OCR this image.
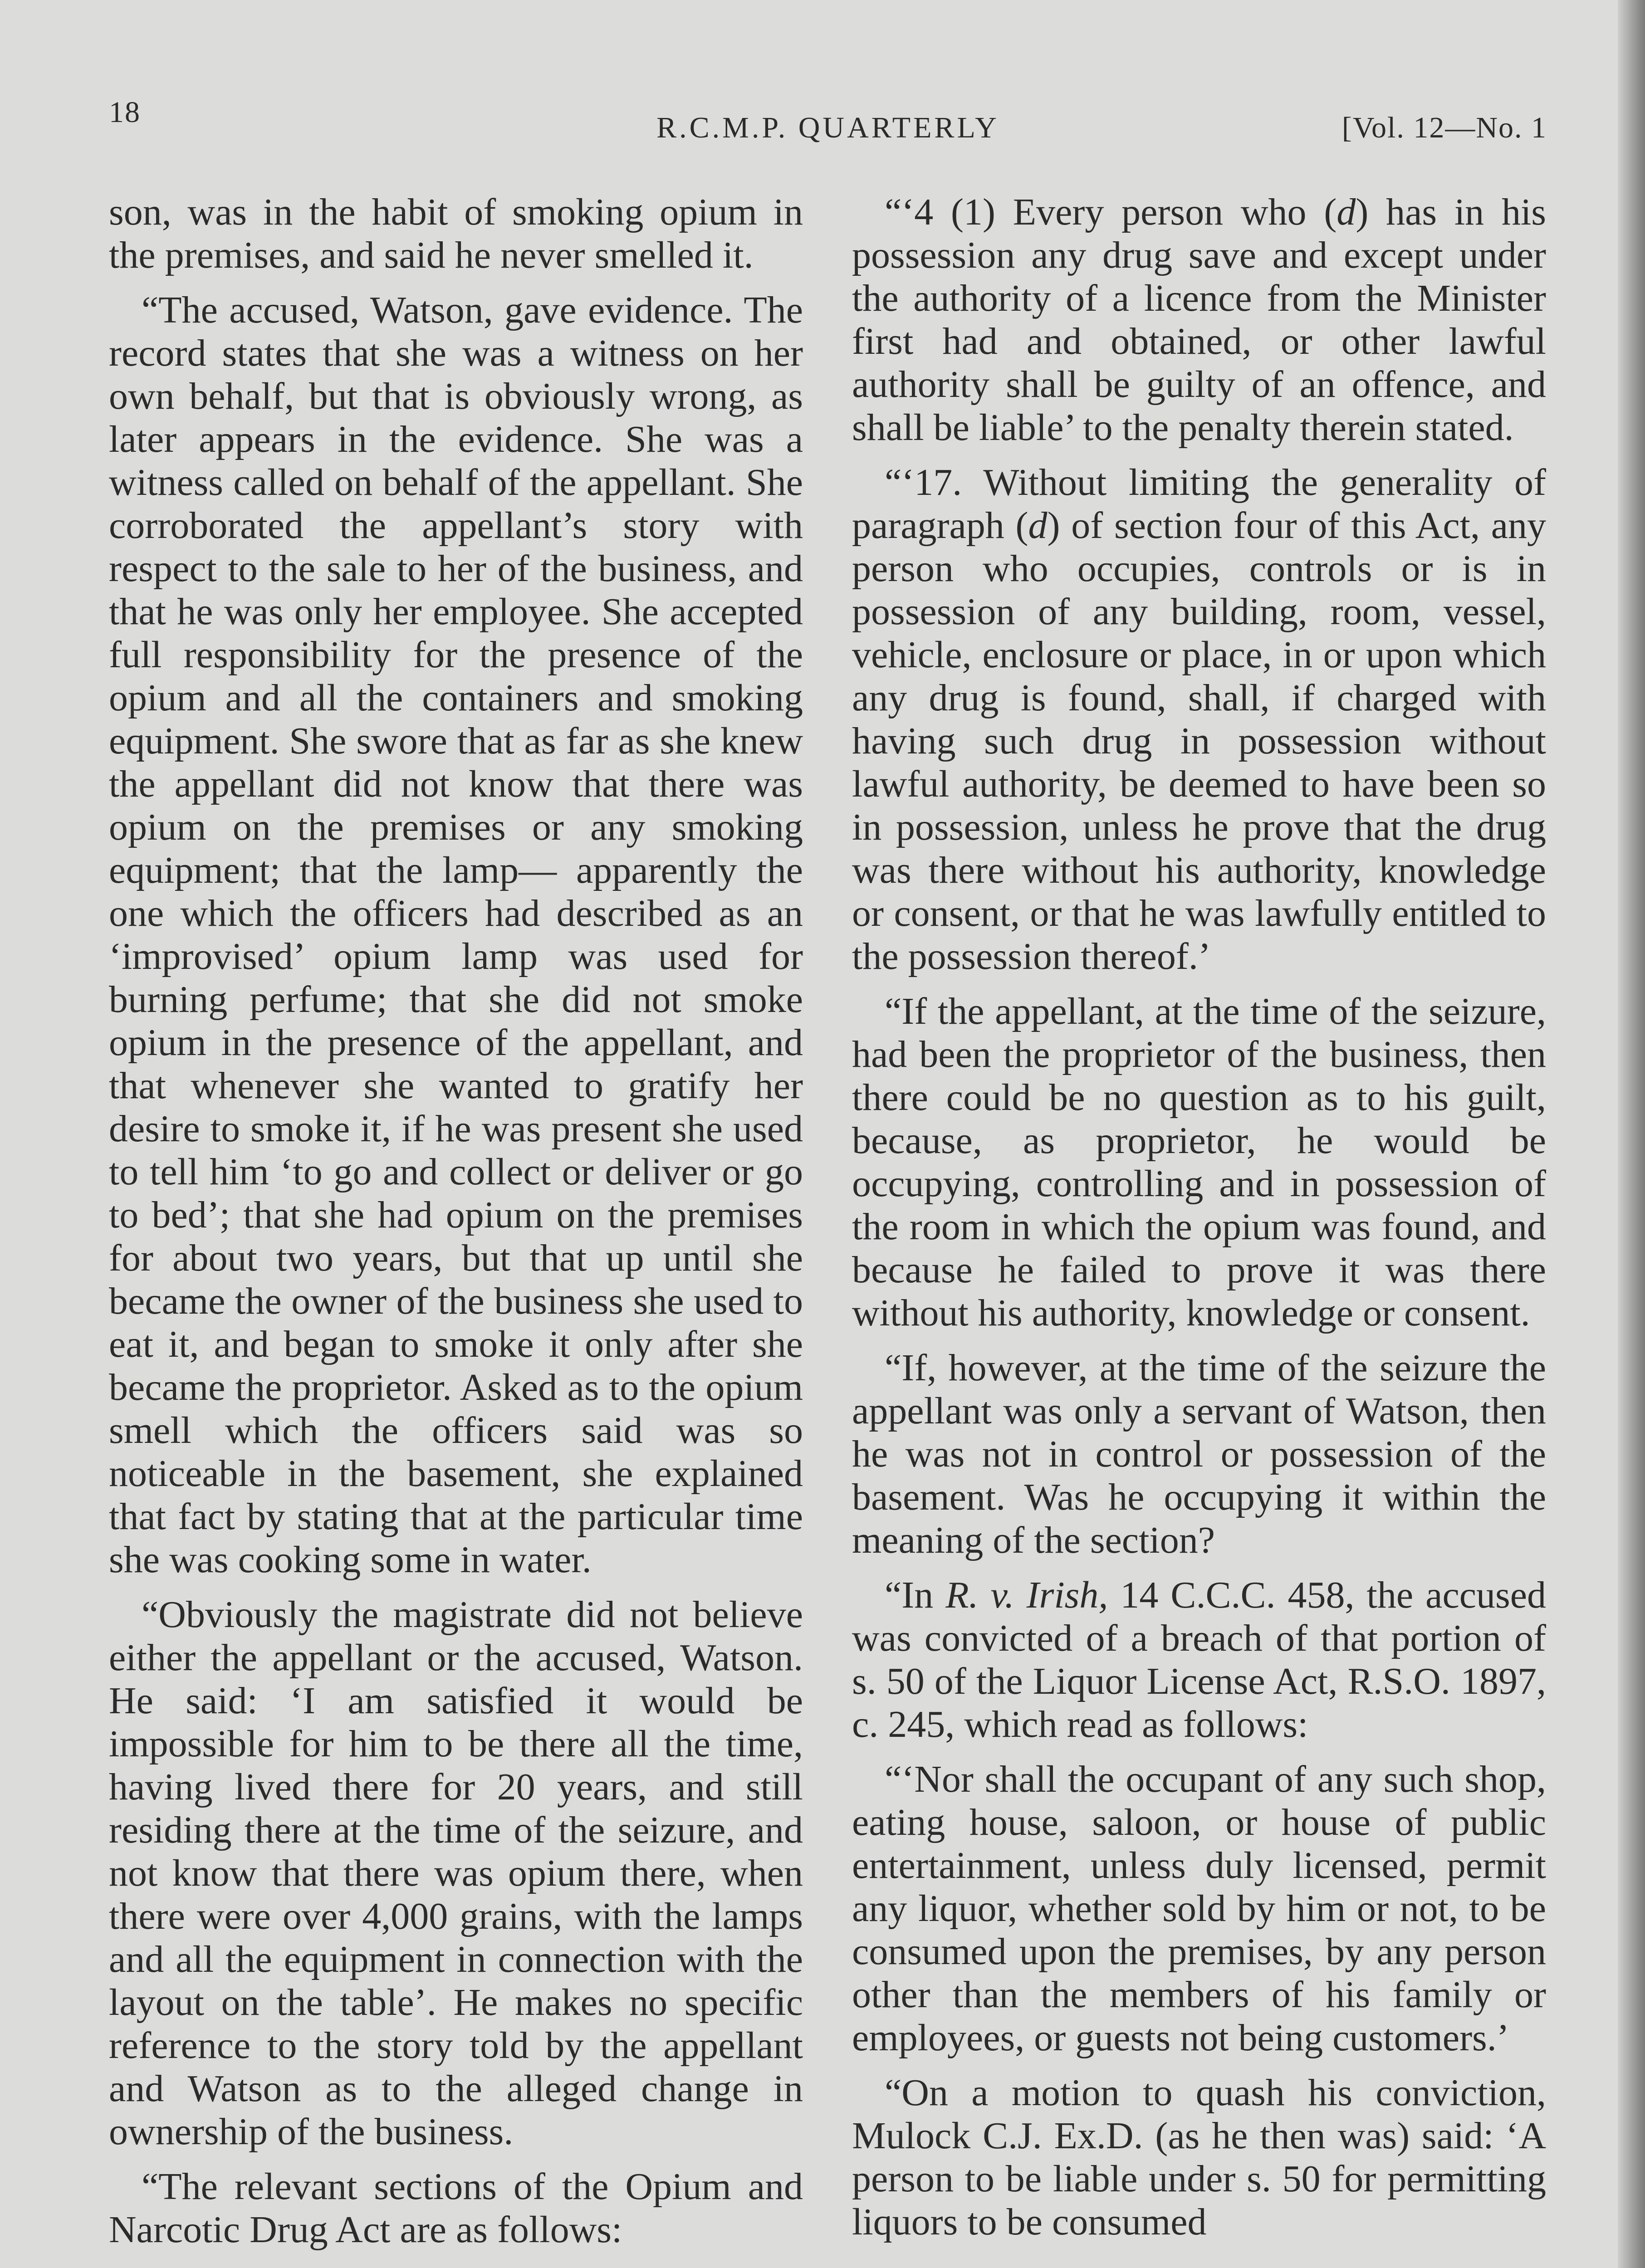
18	R.C.M.P. QUARTERLY	[Vol. 12—No. 1

son, was in the habit of smoking opium in the premises, and said he never smelled it.

“The accused, Watson, gave evidence. The record states that she was a witness on her own behalf, but that is obviously wrong, as later appears in the evidence. She was a witness called on behalf of the appellant. She corroborated the appellant’s story with respect to the sale to her of the business, and that he was only her employee. She accepted full responsibility for the presence of the opium and all the containers and smoking equipment. She swore that as far as she knew the appellant did not know that there was opium on the premises or any smoking equipment; that the lamp— apparently the one which the officers had described as an ‘improvised’ opium lamp was used for burning perfume; that she did not smoke opium in the presence of the appellant, and that whenever she wanted to gratify her desire to smoke it, if he was present she used to tell him ‘to go and collect or deliver or go to bed’; that she had opium on the premises for about two years, but that up until she became the owner of the business she used to eat it, and began to smoke it only after she became the proprietor. Asked as to the opium smell which the officers said was so noticeable in the basement, she explained that fact by stating that at the particular time she was cooking some in water.

“Obviously the magistrate did not believe either the appellant or the accused, Watson. He said: ‘I am satisfied it would be impossible for him to be there all the time, having lived there for 20 years, and still residing there at the time of the seizure, and not know that there was opium there, when there were over 4,000 grains, with the lamps and all the equipment in connection with the layout on the table’. He makes no specific reference to the story told by the appellant and Watson as to the alleged change in ownership of the business.

“The relevant sections of the Opium and Narcotic Drug Act are as follows:

“‘4 (1) Every person who (d) has in his possession any drug save and except under the authority of a licence from the Minister first had and obtained, or other lawful authority shall be guilty of an offence, and shall be liable’ to the penalty therein stated.

“‘17. Without limiting the generality of paragraph (d) of section four of this Act, any person who occupies, controls or is in possession of any building, room, vessel, vehicle, enclosure or place, in or upon which any drug is found, shall, if charged with having such drug in possession without lawful authority, be deemed to have been so in possession, unless he prove that the drug was there without his authority, knowledge or consent, or that he was lawfully entitled to the possession thereof.’

“If the appellant, at the time of the seizure, had been the proprietor of the business, then there could be no question as to his guilt, because, as proprietor, he would be occupying, controlling and in possession of the room in which the opium was found, and because he failed to prove it was there without his authority, knowledge or consent.

“If, however, at the time of the seizure the appellant was only a servant of Watson, then he was not in control or possession of the basement. Was he occupying it within the meaning of the section?

“In R. v. Irish, 14 C.C.C. 458, the accused was convicted of a breach of that portion of s. 50 of the Liquor License Act, R.S.O. 1897, c. 245, which read as follows:

“‘Nor shall the occupant of any such shop, eating house, saloon, or house of public entertainment, unless duly licensed, permit any liquor, whether sold by him or not, to be consumed upon the premises, by any person other than the members of his family or employees, or guests not being customers.’

“On a motion to quash his conviction, Mulock C.J. Ex.D. (as he then was) said: ‘A person to be liable under s. 50 for permitting liquors to be consumed
